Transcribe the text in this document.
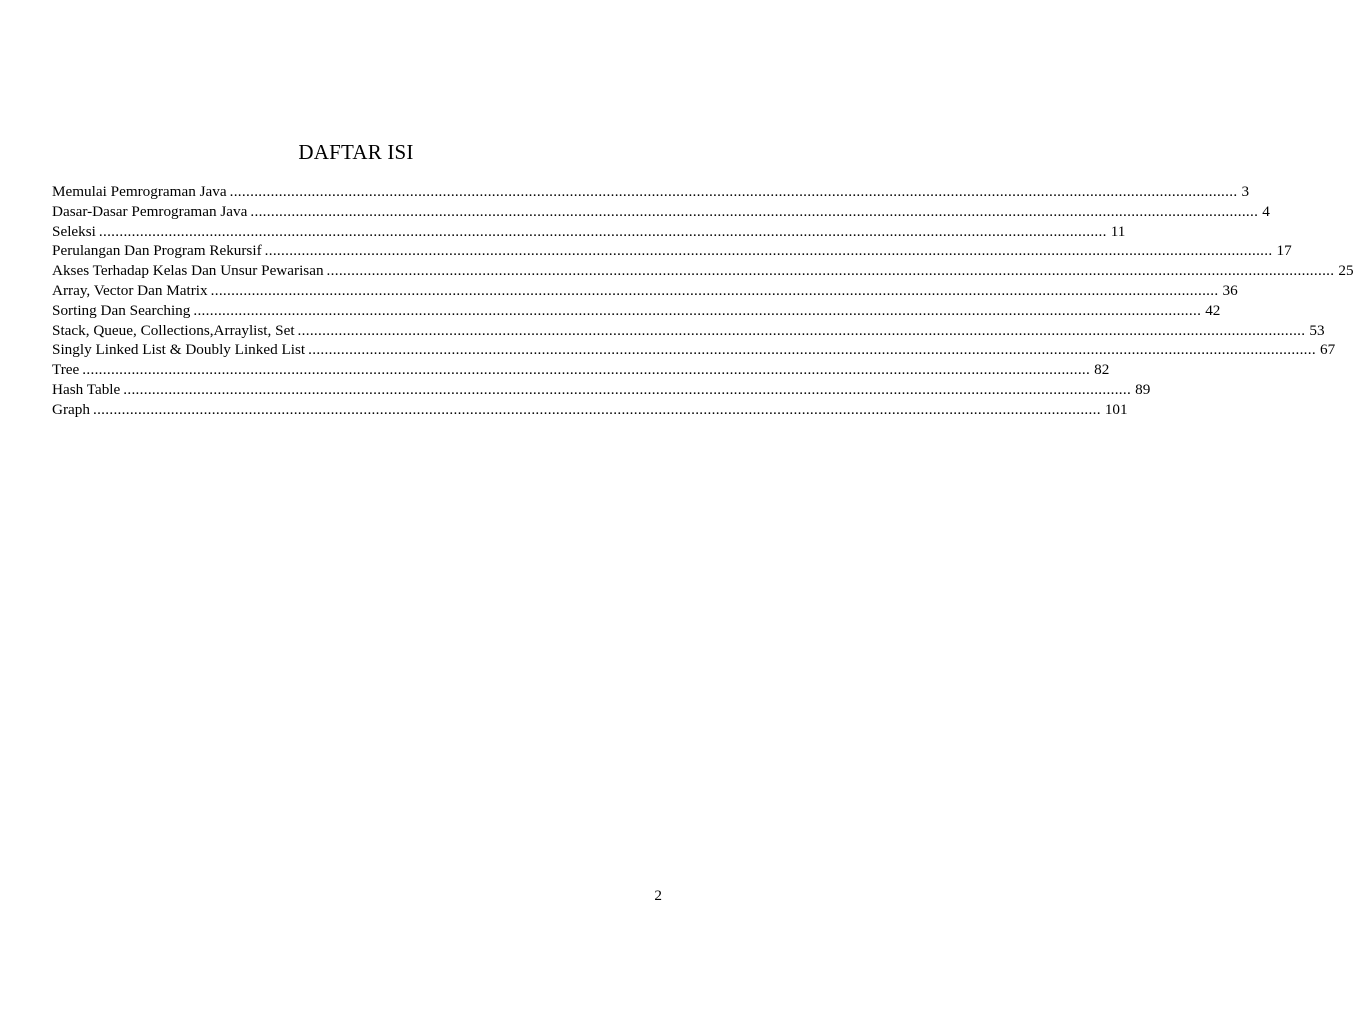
DAFTAR ISI
Memulai Pemrograman Java ...................................................................................................................................................................................................................................................... 3
Dasar-Dasar Pemrograman Java ...................................................................................................................................................................................................................................................... 4
Seleksi ...................................................................................................................................................................................................................................................... 11
Perulangan Dan Program Rekursif ...................................................................................................................................................................................................................................................... 17
Akses Terhadap Kelas Dan Unsur Pewarisan ...................................................................................................................................................................................................................................................... 25
Array, Vector Dan Matrix ...................................................................................................................................................................................................................................................... 36
Sorting Dan Searching ...................................................................................................................................................................................................................................................... 42
Stack, Queue, Collections,Arraylist, Set ...................................................................................................................................................................................................................................................... 53
Singly Linked List & Doubly Linked List ...................................................................................................................................................................................................................................................... 67
Tree ...................................................................................................................................................................................................................................................... 82
Hash Table ...................................................................................................................................................................................................................................................... 89
Graph ...................................................................................................................................................................................................................................................... 101
2
